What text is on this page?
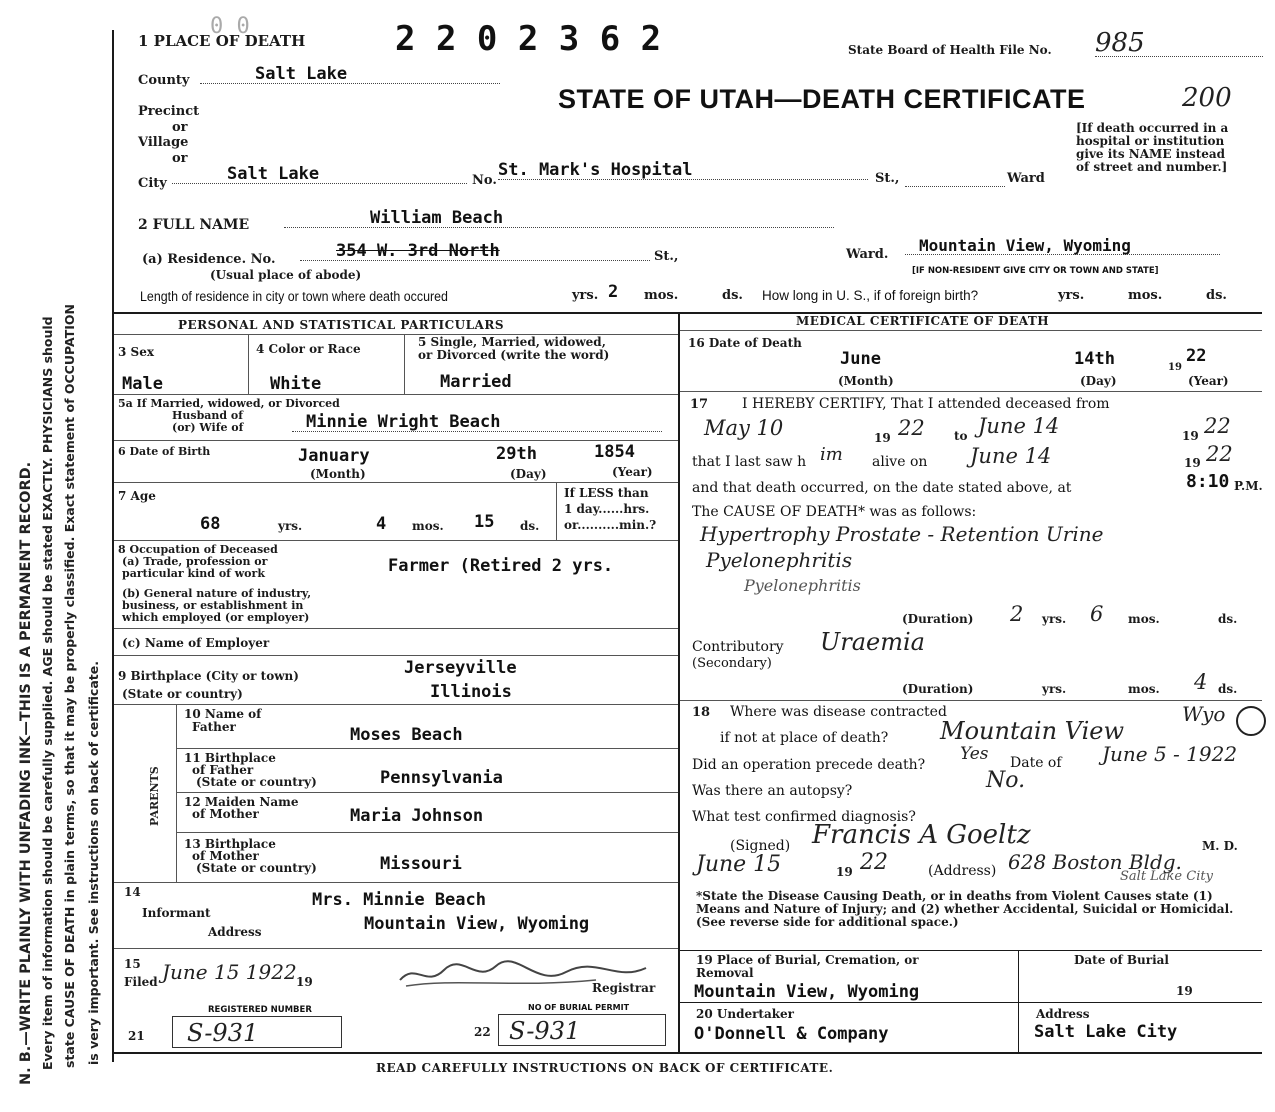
N. B.—WRITE PLAINLY WITH UNFADING INK—THIS IS A PERMANENT RECORD. Every item of information should be carefully supplied. AGE should be stated EXACTLY. PHYSICIANS should state CAUSE OF DEATH in plain terms, so that it may be properly classified. Exact statement of OCCUPATION is very important. See instructions on back of certificate.
1 PLACE OF DEATH
0 0	2 2 0 2 3 6 2	State Board of Health File No. 985
STATE OF UTAH—DEATH CERTIFICATE	200
[If death occurred in a hospital or institution give its NAME instead of street and number.]
County	Salt Lake
Precinct
or
Village
or
City	Salt Lake	No.
St. Mark's Hospital	St.,	Ward
2 FULL NAME	William Beach
(a) Residence. No.	354 W. 3rd North
(Usual place of abode)
St.,	Ward.	Mountain View, Wyoming
[IF NON-RESIDENT GIVE CITY OR TOWN AND STATE]
Length of residence in city or town where death occured	yrs. 2 mos.	ds. How long in U. S., if of foreign birth?	yrs.	mos.	ds.
PERSONAL AND STATISTICAL PARTICULARS
3 Sex
Male
4 Color or Race
White
5 Single, Married, widowed,
or Divorced (write the word)
Married
5a If Married, widowed, or Divorced
Husband of
(or) Wife of	Minnie Wright Beach
6 Date of Birth	January	29th	1854
(Month)	(Day)	(Year)
7 Age
68	yrs.	4 mos. 15 ds.
If LESS than
1 day......hrs.
or..........min.?
8 Occupation of Deceased
(a) Trade, profession or
particular kind of work	Farmer (Retired 2 yrs.
(b) General nature of industry,
business, or establishment in
which employed (or employer)
(c) Name of Employer
9 Birthplace (City or town)
(State or country)
Jerseyville
Illinois
PARENTS
10 Name of
Father	Moses Beach
11 Birthplace
of Father
(State or country)	Pennsylvania
12 Maiden Name
of Mother	Maria Johnson
13 Birthplace
of Mother
(State or country)	Missouri
14
Informant
Mrs. Minnie Beach
Address	Mountain View, Wyoming
15
Filed June 15 1922 19	Registrar
REGISTERED NUMBER
21 S-931
NO OF BURIAL PERMIT
22 S-931
MEDICAL CERTIFICATE OF DEATH
16 Date of Death
June	14th	19
22
(Month)	(Day)	(Year)
17 I HEREBY CERTIFY, That I attended deceased from
May 10	19 22 to June 14	19 22
that I last saw h im alive on June 14	19 22
and that death occurred, on the date stated above, at	8:10 P.M.
The CAUSE OF DEATH* was as follows:
Hypertrophy Prostate - Retention Urine
Pyelonephritis
Pyelonephritis
(Duration) 2 yrs. 6 mos.	ds.
Contributory
(Secondary)
Uraemia
(Duration)	yrs.	mos. 4 ds.
18 Where was disease contracted
if not at place of death? Mountain View
Wyo
Did an operation precede death?
Yes Date of June 5 - 1922
Was there an autopsy?	No.
What test confirmed diagnosis?
(Signed) Francis A Goeltz	M. D.
June 15	19 22	(Address) 628 Boston Bldg.
Salt Lake City
*State the Disease Causing Death, or in deaths from Violent Causes state (1) Means and Nature of Injury; and (2) whether Accidental, Suicidal or Homicidal. (See reverse side for additional space.)
19 Place of Burial, Cremation, or
Removal
Mountain View, Wyoming
Date of Burial
19
20 Undertaker
O'Donnell & Company
Address
Salt Lake City
READ CAREFULLY INSTRUCTIONS ON BACK OF CERTIFICATE.
